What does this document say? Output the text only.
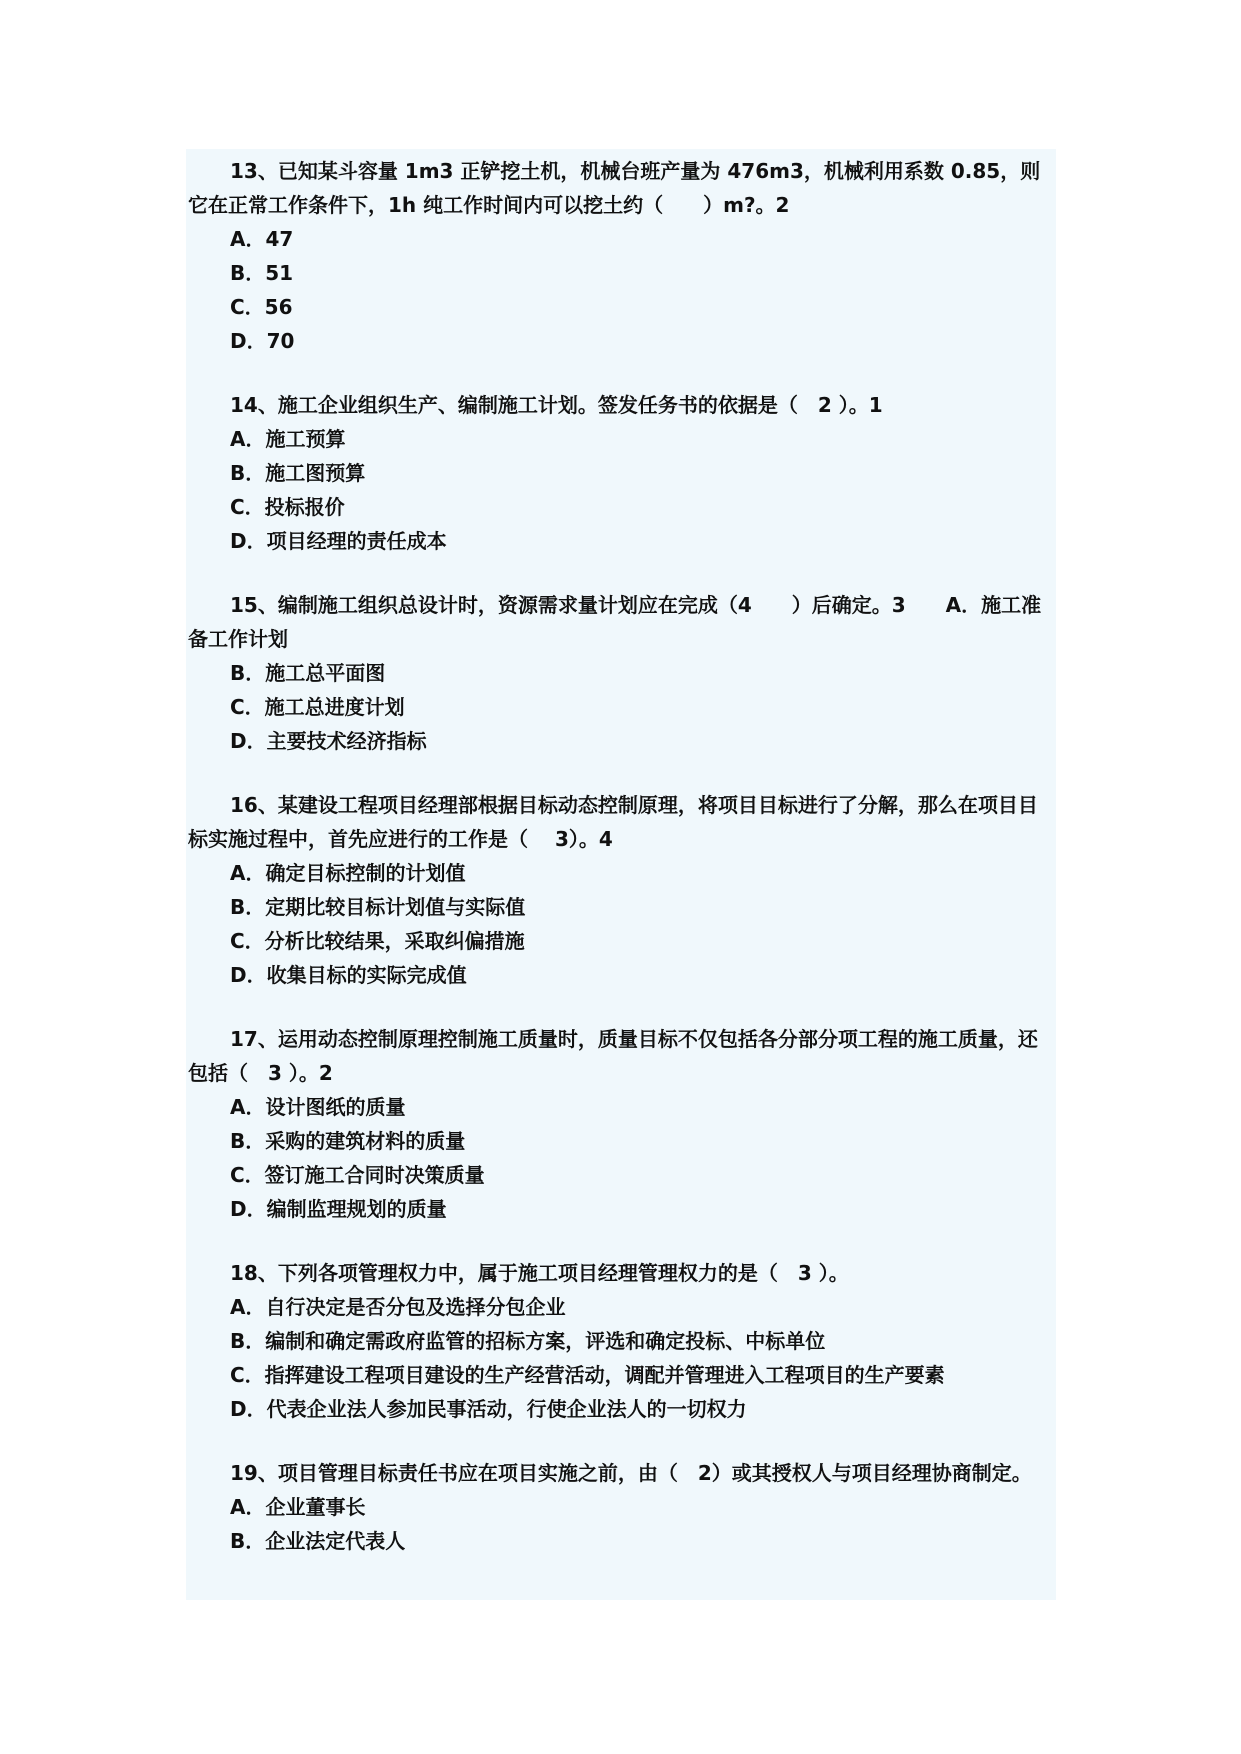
13、已知某斗容量 1m3 正铲挖土机，机械台班产量为 476m3，机械利用系数 0.85，则它在正常工作条件下，1h 纯工作时间内可以挖土约（　　）m?。2

A．47

B．51

C．56

D．70

14、施工企业组织生产、编制施工计划。签发任务书的依据是（　2 ）。1

A．施工预算

B．施工图预算

C．投标报价

D．项目经理的责任成本

15、编制施工组织总设计时，资源需求量计划应在完成（4　　）后确定。3　　A．施工准备工作计划

B．施工总平面图

C．施工总进度计划

D．主要技术经济指标

16、某建设工程项目经理部根据目标动态控制原理，将项目目标进行了分解，那么在项目目标实施过程中，首先应进行的工作是（　 3）。4

A．确定目标控制的计划值

B．定期比较目标计划值与实际值

C．分析比较结果，采取纠偏措施

D．收集目标的实际完成值

17、运用动态控制原理控制施工质量时，质量目标不仅包括各分部分项工程的施工质量，还包括（　3 ）。2

A．设计图纸的质量

B．采购的建筑材料的质量

C．签订施工合同时决策质量

D．编制监理规划的质量

18、下列各项管理权力中，属于施工项目经理管理权力的是（　3 ）。

A．自行决定是否分包及选择分包企业

B．编制和确定需政府监管的招标方案，评选和确定投标、中标单位

C．指挥建设工程项目建设的生产经营活动，调配并管理进入工程项目的生产要素

D．代表企业法人参加民事活动，行使企业法人的一切权力

19、项目管理目标责任书应在项目实施之前，由（　2）或其授权人与项目经理协商制定。

A．企业董事长

B．企业法定代表人
